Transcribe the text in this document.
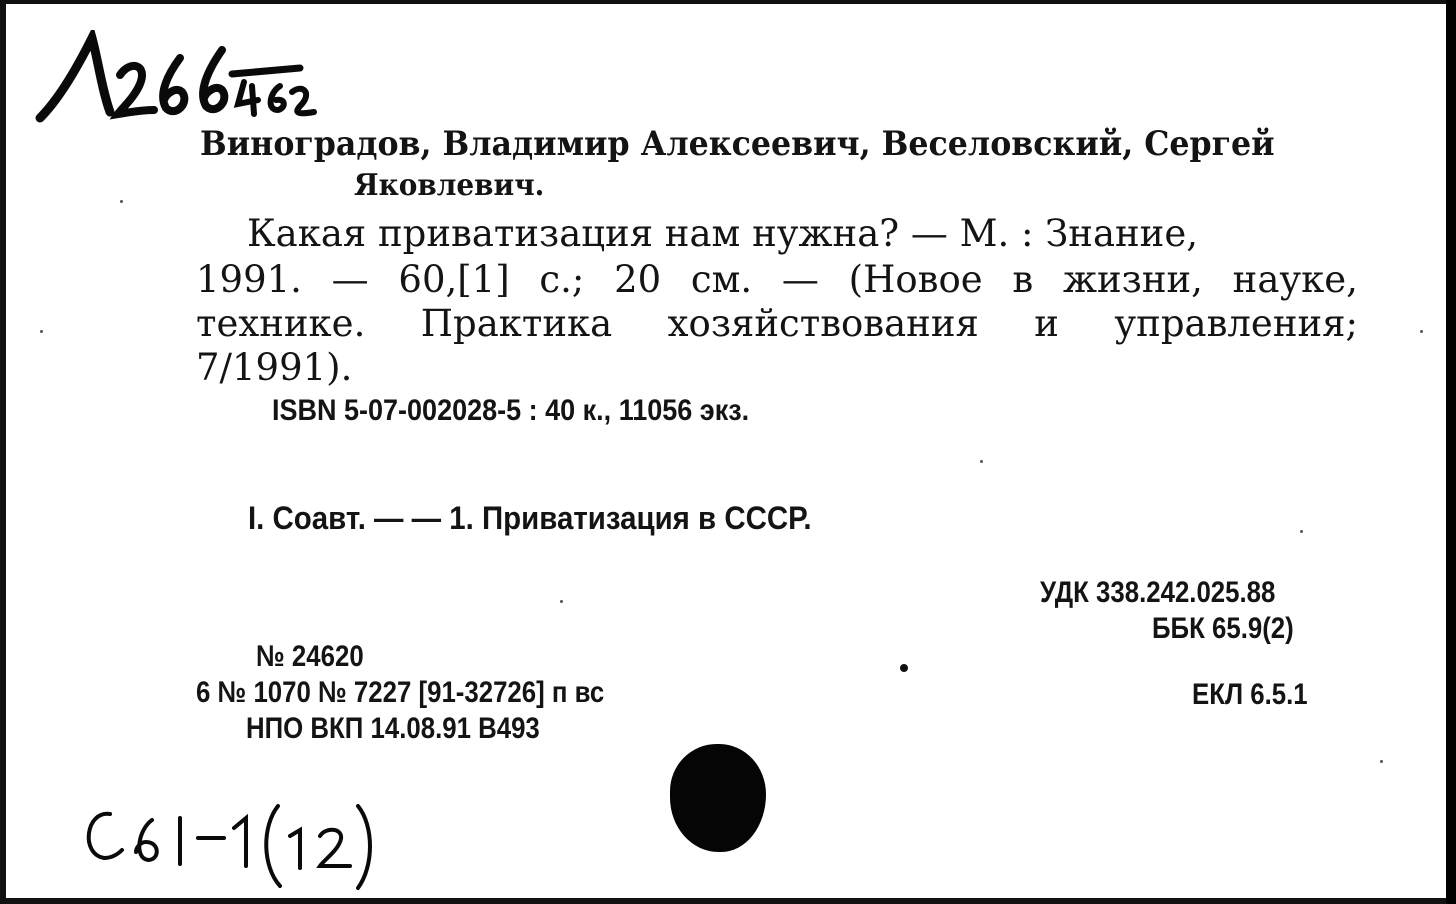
Виноградов, Владимир Алексеевич, Веселовский, Сергей
Яковлевич.
Какая приватизация нам нужна? — М. : Знание,
1991. — 60,[1] с.; 20 см. — (Новое в жизни, науке,
технике. Практика хозяйствования и управления;
7/1991).
ISBN 5-07-002028-5 : 40 к., 11056 экз.
I. Соавт. — — 1. Приватизация в СССР.
УДК 338.242.025.88
ББК 65.9(2)
ЕКЛ 6.5.1
№ 24620
6 № 1070 № 7227 [91-32726] п вс
НПО ВКП 14.08.91 В493
